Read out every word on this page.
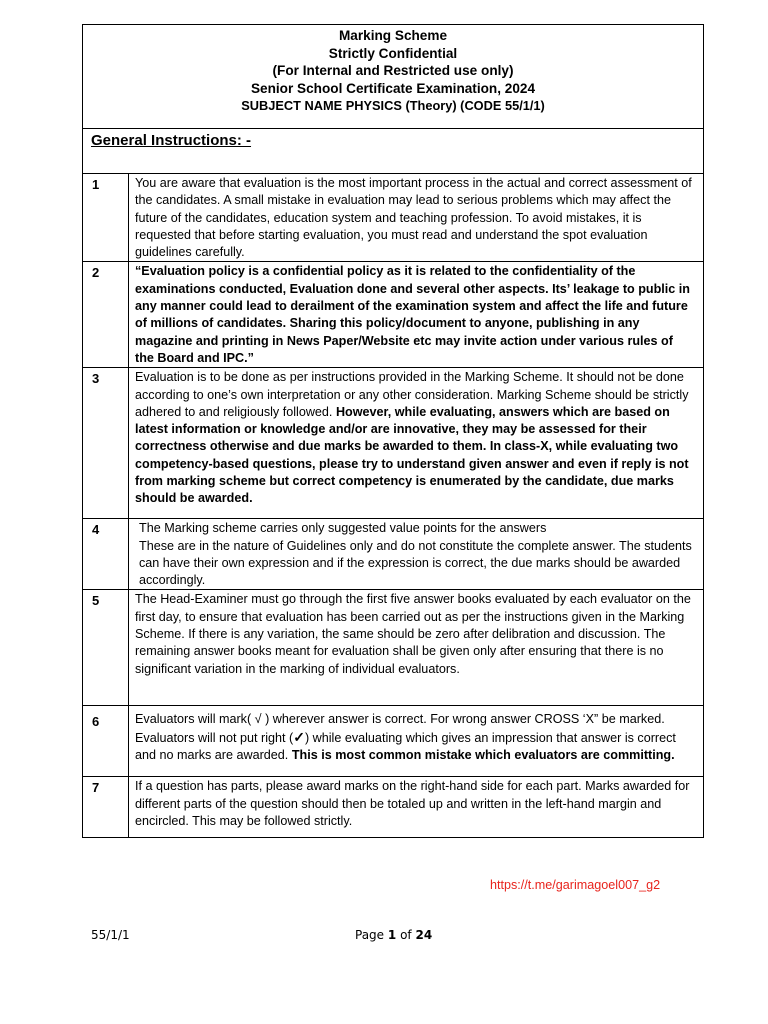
Marking Scheme
Strictly Confidential
(For Internal and Restricted use only)
Senior School Certificate Examination, 2024
SUBJECT NAME PHYSICS (Theory) (CODE 55/1/1)	

General Instructions: -	
1	You are aware that evaluation is the most important process in the actual and correct assessment of the candidates. A small mistake in evaluation may lead to serious problems which may affect the future of the candidates, education system and teaching profession. To avoid mistakes, it is requested that before starting evaluation, you must read and understand the spot evaluation guidelines carefully.
2	“Evaluation policy is a confidential policy as it is related to the confidentiality of the examinations conducted, Evaluation done and several other aspects. Its’ leakage to public in any manner could lead to derailment of the examination system and affect the life and future of millions of candidates. Sharing this policy/document to anyone, publishing in any magazine and printing in News Paper/Website etc may invite action under various rules of the Board and IPC.”
3	Evaluation is to be done as per instructions provided in the Marking Scheme. It should not be done according to one’s own interpretation or any other consideration. Marking Scheme should be strictly adhered to and religiously followed. However, while evaluating, answers which are based on latest information or knowledge and/or are innovative, they may be assessed for their correctness otherwise and due marks be awarded to them. In class-X, while evaluating two competency-based questions, please try to understand given answer and even if reply is not from marking scheme but correct competency is enumerated by the candidate, due marks should be awarded.
4	The Marking scheme carries only suggested value points for the answers
These are in the nature of Guidelines only and do not constitute the complete answer. The students can have their own expression and if the expression is correct, the due marks should be awarded accordingly.

5	The Head-Examiner must go through the first five answer books evaluated by each evaluator on the first day, to ensure that evaluation has been carried out as per the instructions given in the Marking Scheme. If there is any variation, the same should be zero after delibration and discussion. The remaining answer books meant for evaluation shall be given only after ensuring that there is no significant variation in the marking of individual evaluators.
6	Evaluators will mark( √ ) wherever answer is correct. For wrong answer CROSS ‘X” be marked. Evaluators will not put right (✓) while evaluating which gives an impression that answer is correct and no marks are awarded. This is most common mistake which evaluators are committing.
7	If a question has parts, please award marks on the right-hand side for each part. Marks awarded for different parts of the question should then be totaled up and written in the left-hand margin and encircled. This may be followed strictly.
https://t.me/garimagoel007_g2
55/1/1	Page 1 of 24
